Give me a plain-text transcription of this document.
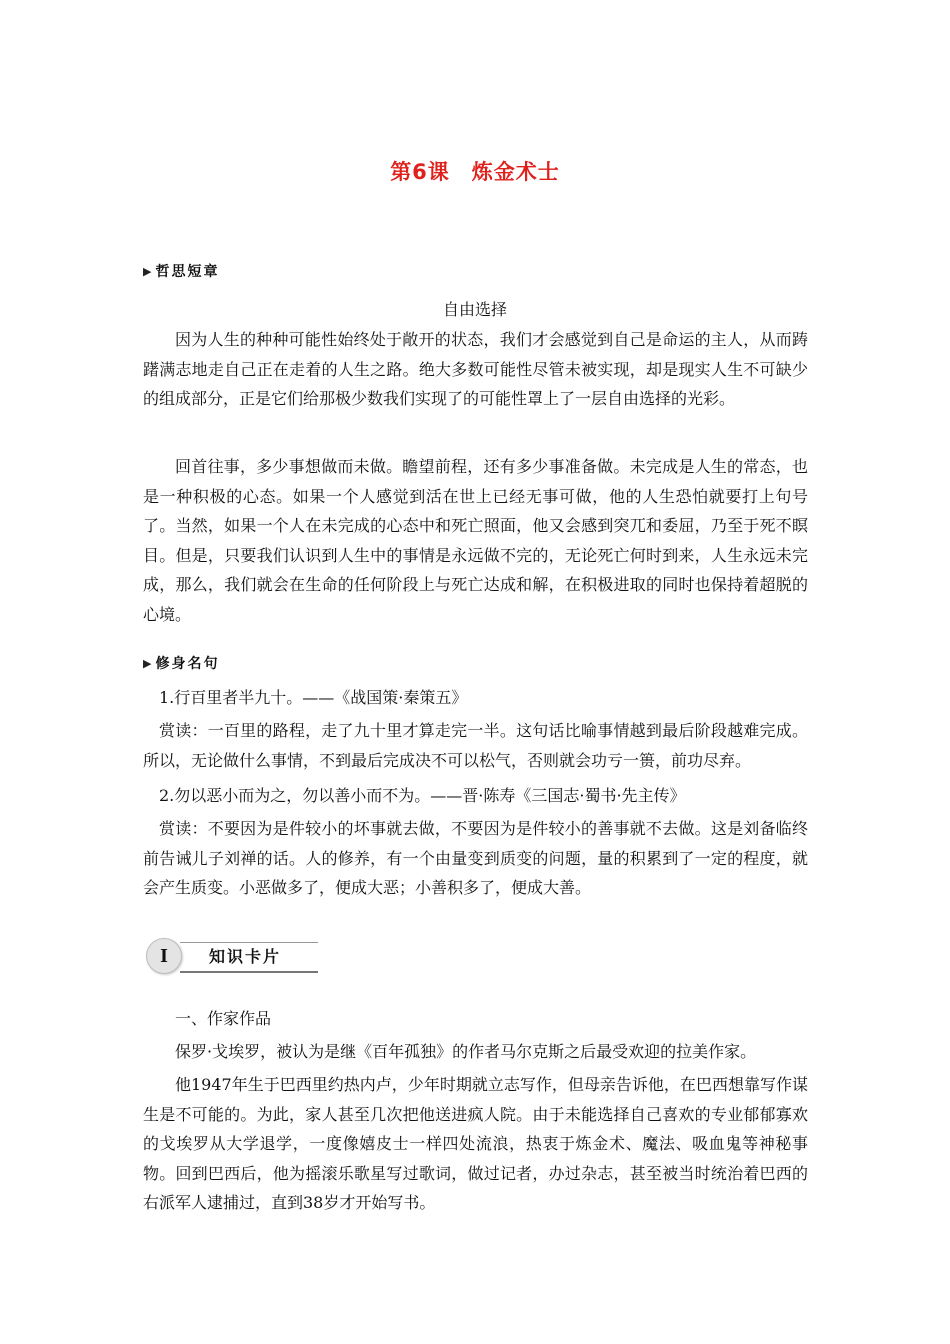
第6课　炼金术士
▶ 哲思短章
自由选择

因为人生的种种可能性始终处于敞开的状态，我们才会感觉到自己是命运的主人，从而踌躇满志地走自己正在走着的人生之路。绝大多数可能性尽管未被实现，却是现实人生不可缺少的组成部分，正是它们给那极少数我们实现了的可能性罩上了一层自由选择的光彩。

回首往事，多少事想做而未做。瞻望前程，还有多少事准备做。未完成是人生的常态，也是一种积极的心态。如果一个人感觉到活在世上已经无事可做，他的人生恐怕就要打上句号了。当然，如果一个人在未完成的心态中和死亡照面，他又会感到突兀和委屈，乃至于死不瞑目。但是，只要我们认识到人生中的事情是永远做不完的，无论死亡何时到来，人生永远未完成，那么，我们就会在生命的任何阶段上与死亡达成和解，在积极进取的同时也保持着超脱的心境。

▶ 修身名句

1.行百里者半九十。——《战国策·秦策五》

赏读：一百里的路程，走了九十里才算走完一半。这句话比喻事情越到最后阶段越难完成。所以，无论做什么事情，不到最后完成决不可以松气，否则就会功亏一篑，前功尽弃。

2.勿以恶小而为之，勿以善小而不为。——晋·陈寿《三国志·蜀书·先主传》

赏读：不要因为是件较小的坏事就去做，不要因为是件较小的善事就不去做。这是刘备临终前告诫儿子刘禅的话。人的修养，有一个由量变到质变的问题，量的积累到了一定的程度，就会产生质变。小恶做多了，便成大恶；小善积多了，便成大善。

I	知识卡片

一、作家作品

保罗·戈埃罗，被认为是继《百年孤独》的作者马尔克斯之后最受欢迎的拉美作家。

他1947年生于巴西里约热内卢，少年时期就立志写作，但母亲告诉他，在巴西想靠写作谋生是不可能的。为此，家人甚至几次把他送进疯人院。由于未能选择自己喜欢的专业郁郁寡欢的戈埃罗从大学退学，一度像嬉皮士一样四处流浪，热衷于炼金术、魔法、吸血鬼等神秘事物。回到巴西后，他为摇滚乐歌星写过歌词，做过记者，办过杂志，甚至被当时统治着巴西的右派军人逮捕过，直到38岁才开始写书。
